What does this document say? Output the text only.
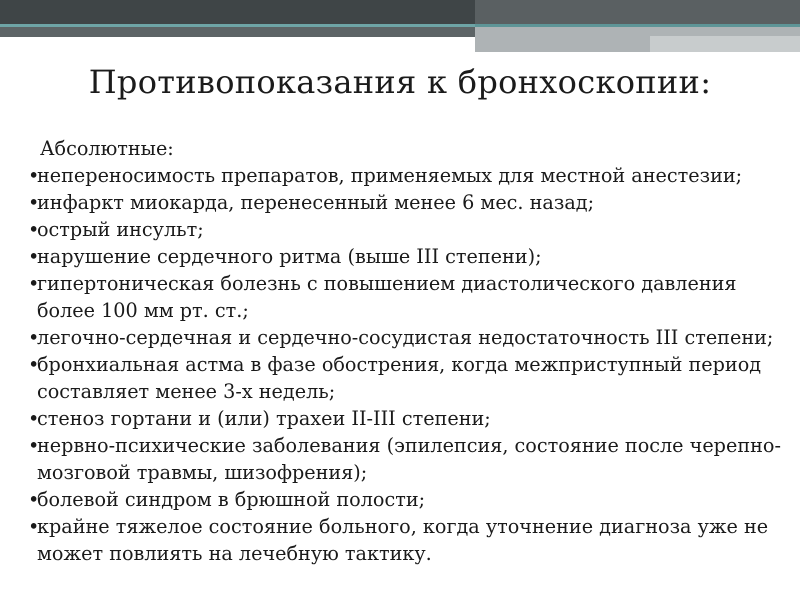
Противопоказания к бронхоскопии:
Абсолютные:
•
непереносимость препаратов, применяемых для местной анестезии;
•
инфаркт миокарда, перенесенный менее 6 мес. назад;
•
острый инсульт;
•
нарушение сердечного ритма (выше III степени);
•
гипертоническая болезнь с повышением диастолического давления более 100 мм рт. ст.;
•
легочно-сердечная и сердечно-сосудистая недостаточность III степени;
•
бронхиальная астма в фазе обострения, когда межприступный период составляет менее 3-х недель;
•
стеноз гортани и (или) трахеи II-III степени;
•
нервно-психические заболевания (эпилепсия, состояние после черепно-мозговой травмы, шизофрения);
•
болевой синдром в брюшной полости;
•
крайне тяжелое состояние больного, когда уточнение диагноза уже не может повлиять на лечебную тактику.
